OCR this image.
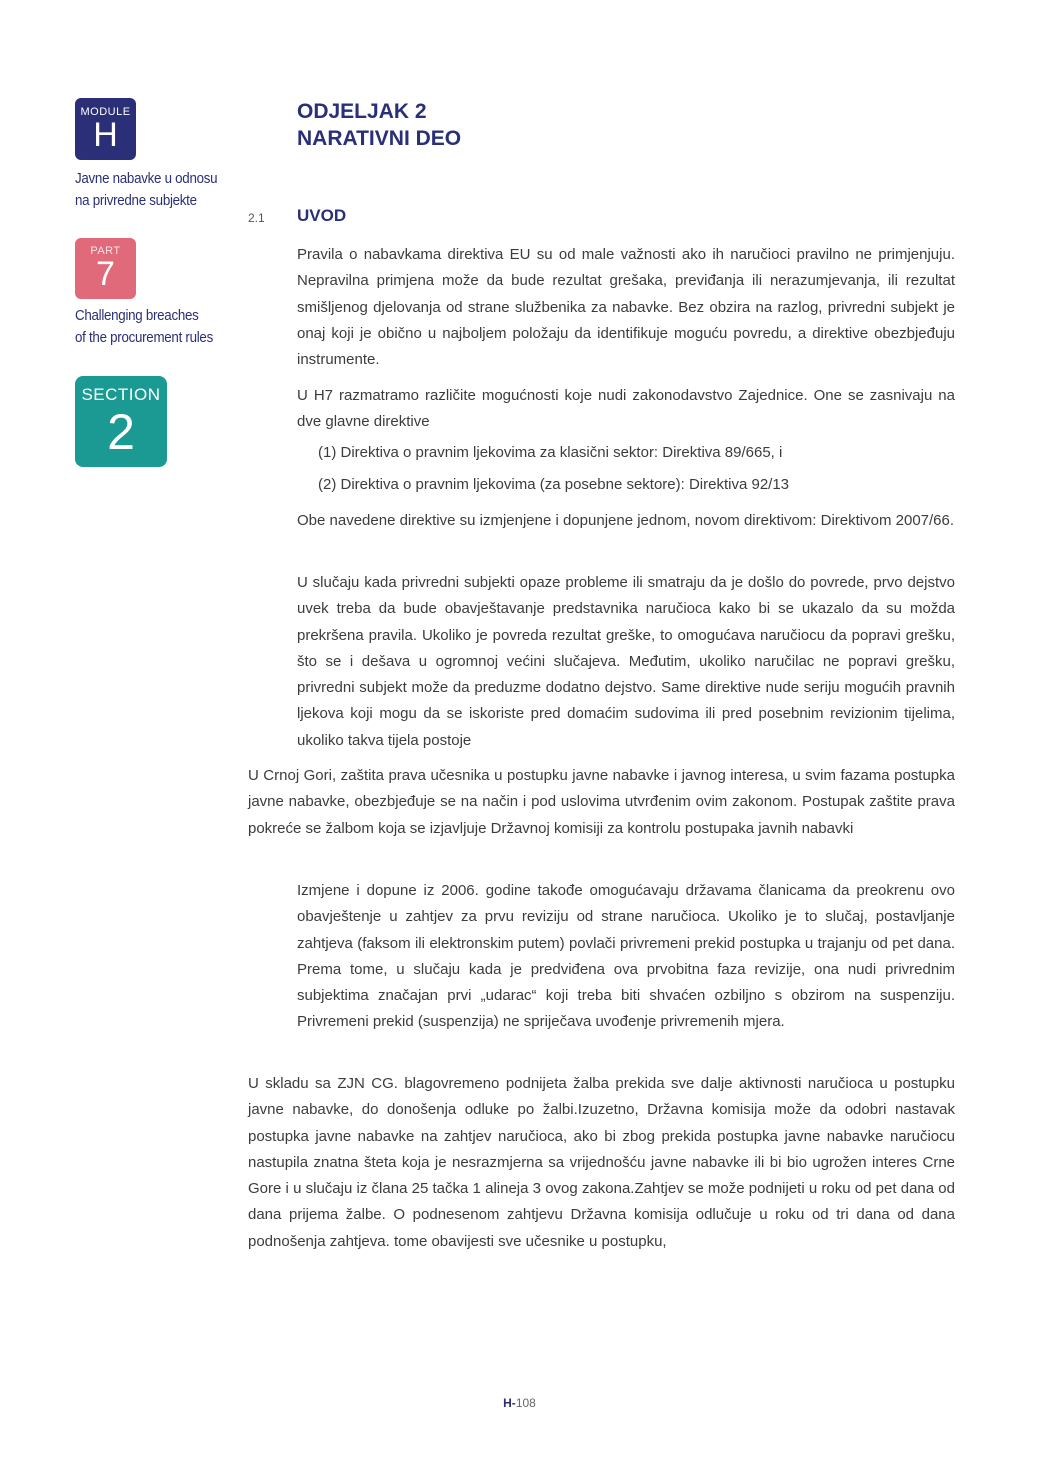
MODULE
H
Javne nabavke u odnosu
na privredne subjekte
PART
7
Challenging breaches
of the procurement rules
SECTION
2
ODJELJAK 2
NARATIVNI DEO
2.1 UVOD

Pravila o nabavkama direktiva EU su od male važnosti ako ih naručioci pravilno ne primjenjuju. Nepravilna primjena može da bude rezultat grešaka, previđanja ili nerazumjevanja, ili rezultat smišljenog djelovanja od strane službenika za nabavke. Bez obzira na razlog, privredni subjekt je onaj koji je obično u najboljem položaju da identifikuje moguću povredu, a direktive obezbjeđuju instrumente.

U H7 razmatramo različite mogućnosti koje nudi zakonodavstvo Zajednice. One se zasnivaju na dve glavne direktive

(1) Direktiva o pravnim ljekovima za klasični sektor: Direktiva 89/665, i
(2) Direktiva o pravnim ljekovima (za posebne sektore): Direktiva 92/13

Obe navedene direktive su izmjenjene i dopunjene jednom, novom direktivom: Direktivom 2007/66.

U slučaju kada privredni subjekti opaze probleme ili smatraju da je došlo do povrede, prvo dejstvo uvek treba da bude obavještavanje predstavnika naručioca kako bi se ukazalo da su možda prekršena pravila. Ukoliko je povreda rezultat greške, to omogućava naručiocu da popravi grešku, što se i dešava u ogromnoj većini slučajeva. Međutim, ukoliko naručilac ne popravi grešku, privredni subjekt može da preduzme dodatno dejstvo. Same direktive nude seriju mogućih pravnih ljekova koji mogu da se iskoriste pred domaćim sudovima ili pred posebnim revizionim tijelima, ukoliko takva tijela postoje

U Crnoj Gori, zaštita prava učesnika u postupku javne nabavke i javnog interesa, u svim fazama postupka javne nabavke, obezbjeđuje se na način i pod uslovima utvrđenim ovim zakonom. Postupak zaštite prava pokreće se žalbom koja se izjavljuje Državnoj komisiji za kontrolu postupaka javnih nabavki

Izmjene i dopune iz 2006. godine takođe omogućavaju državama članicama da preokrenu ovo obavještenje u zahtjev za prvu reviziju od strane naručioca. Ukoliko je to slučaj, postavljanje zahtjeva (faksom ili elektronskim putem) povlači privremeni prekid postupka u trajanju od pet dana. Prema tome, u slučaju kada je predviđena ova prvobitna faza revizije, ona nudi privrednim subjektima značajan prvi „udarac“ koji treba biti shvaćen ozbiljno s obzirom na suspenziju. Privremeni prekid (suspenzija) ne spriječava uvođenje privremenih mjera.

U skladu sa ZJN CG. blagovremeno podnijeta žalba prekida sve dalje aktivnosti naručioca u postupku javne nabavke, do donošenja odluke po žalbi.Izuzetno, Državna komisija može da odobri nastavak postupka javne nabavke na zahtjev naručioca, ako bi zbog prekida postupka javne nabavke naručiocu nastupila znatna šteta koja je nesrazmjerna sa vrijednošću javne nabavke ili bi bio ugrožen interes Crne Gore i u slučaju iz člana 25 tačka 1 alineja 3 ovog zakona.Zahtjev se može podnijeti u roku od pet dana od dana prijema žalbe. O podnesenom zahtjevu Državna komisija odlučuje u roku od tri dana od dana podnošenja zahtjeva. tome obavijesti sve učesnike u postupku,

H-108
